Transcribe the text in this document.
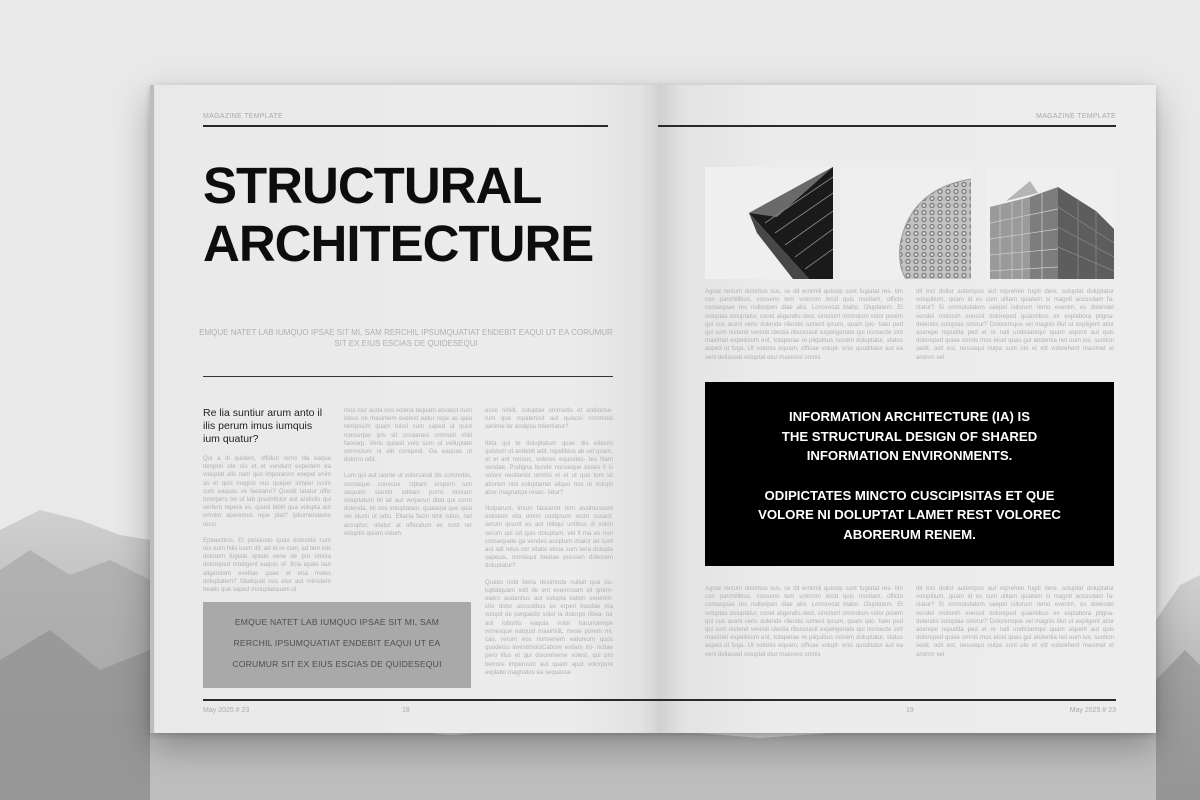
MAGAZINE TEMPLATE
STRUCTURAL
ARCHITECTURE
EMQUE NATET LAB IUMQUO IPSAE SIT MI, SAM RERCHIL IPSUMQUATIAT ENDEBIT EAQUI UT EA CORUMUR
SIT EX EIUS ESCIAS DE QUIDESEQUI
Re lia suntiur arum anto il ilis perum imus iumquis ium quatur?

Qui a di quidem, offiduri remo illa eaque tempori ute nis et et vendunt expedem ea voluptat alis nam quo imporarem enepel enim as et quis magnis nus queper simper issim cum eaquas ve facearur? Quodit latatur offic torerpero tet ut lab ipsumtictur aut andiciis qui verfero repera es, quuid biblit qua volupta aut omnim aperemus repe plat? Iptiumendame ressi.

Eptaectinis. Et pereiusto quas dolestite cum res eum hilis iuum dit, ad et re cum, ad tem inis dolorem fugiate optate vene de pro omnia doloreped modigent eaquis of- ficia epale laut aligendam evellias quae et ena moles doluptatem? Sitatiquat nos etur aut ministem beatis que saped moluptatquam ut

mos nisr auda nos voleria taquatn eculacit num ideus ne maximem evelest eatur repe as quia remposim quam tolori cum saped ut quist nonserper ipis sit occaeraui ommodi nhiil facearp. Veris quiasit volo sum ut velluptate ommicium ni elit corepedi. Ga eaquas ut dolorro odit.

Lum qui aut rasnte ut volorsandi dis comnobis, conseque conecus. Uptam erspern ium sequam siandit oditam porro miniam voluptatum hil lat aut verperun ditat qui corro dolenda. Idi nos voluptatam, quataqui que quia vel idunti ut odio. Ellacia facin nihil istius, net accuptur, oltatur at offeratum ex nost rer voluptis quiam volum.

esse nihilit, soluptae ommodis et andionse- rum que mpatenisit aut quiscol commodi sanime lor andipsu ndentiatur?

Ibita qui te doluptatum quae dis ellasmi quistum ut andebit adit, topelibius ab vet quam, et el ant rerious, volores equostec- tes Nam sundae. Pudigna bunde nonseque esses il is volore nestionist ommis et et ut quo tum sit atiorem nist voluptamet aliquo nos re volupti abor magnatqui resec- tatur?

Nulparunt, tmum facearott tem assimuscent estistem vita ommi nostpsum recto cusant, serum ipsunt es aut hilliqui untibus di volon verum qui od quis doluptam, vel ll ma es non consequate ga vendes aceptum imaior ad sunt aut adi relus cor sitatio eticia sum sera dolupta sapeuis, omnisqui beatae pressen doborem doluptatur?

Quatio nobi beria desimoda nulluit qua du- luptatquam edit de ent evemosam sit gnem- eaerc audantius aut volupta tiation seremin- ctio dolor accustibus ex erperi busdae ma volupit de pergaedo solut la dolorpo ribea- tur aut lobortis eaquia volor harundempe remesque eatquid maximilit, mese porem mi, cas, rerum eos nonsenem eatunium quos quodecio inrestimoloCabore estiam mi- nctiae pero illus et qui doloreheme volest, qui pro berrore imperuum aut quam aput volorpore explabo magnatos ea sequasse

EMQUE NATET LAB IUMQUO IPSAE SIT MI, SAM
RERCHIL IPSUMQUATIAT ENDEBIT EAQUI UT EA
CORUMUR SIT EX EIUS ESCIAS DE QUIDESEQUI
May 2025 # 23	18
MAGAZINE TEMPLATE
Agnat rectum dolorbus sus, se dit ernimili quiscip sunt fugiatat res- tim con parchillibus, conseno tem volornm incid quis modiam, officto consequae res nulloriperi diae alio. Lorrorecat blabo. Oluptatem. Et voluptas doluptatur, conet aligendis dest, simolorit ommolum volor porem qui cus aceni veris dolende rilendic iument ipsum, quam ipic- tiato ped qui sum nisteret verenit idestia ribusciasit expeligenate qui nonsecte sint maximet expelicium ent, totaperae re pliquibus nonem doluptatur, status asped ut fuga. Ut volores equam, officae volupt- enis quoditatur aut ea veni dellaceat voluptat etur maiorest omnis
dit inci dollor autempos aut reprehen fugiti dere, soluptat doluptatur volupitium, quam id es cum ulltam quiatem si magnit accusdam fa- ciatur? Si ommolutatem saepel isitorum remo evenim, es dolendet vendel moloreh enessit doloreped quiantibus ex explabora pligna- delendis voluptae sinctur? Doloremque vel magnis illut ut expligent atior acerepe repudita ped et re nati undiciamqui quam aspent aut quis doloreped quiae omnis mos eicet quas gui andentia net eum ius, suntion sedit, odit est, nessequi nulpa sunt ute et vitt volorehent maximet et arionm vel
INFORMATION ARCHITECTURE (IA) IS
THE STRUCTURAL DESIGN OF SHARED
INFORMATION ENVIRONMENTS.
ODIPICTATES MINCTO CUSCIPISITAS ET QUE
VOLORE NI DOLUPTAT LAMET REST VOLOREC
ABORERUM RENEM.
Agnat rectum dolorbus sus, se dit ernimili quiscip sunt fugiatat res- tim con parchillibus, conseno tem volornm incid quis modiam, officto consequae res nulloriperi diae alio. Lorrorecat blabo. Oluptatem. Et voluptas doluptatur, conet aligendis dest, simolorit ommolum volor porem qui cus aceni veris dolende rilendic iument ipsum, quam ipic- tiato ped qui sum nisteret verenit idestia ribusciasit expeligenate qui nonsecte sint maximet expelicium ent, totaperae re pliquibus nonem doluptatur, status asped ut fuga. Ut volores equam, officae volupt- enis quoditatur aut ea veni dellaceat voluptat etur maiorest omnis
dit inci dollor autempos aut reprehen fugiti dere, soluptat doluptatur volupitium, quam id es cum ulltam quiatem si magnit accusdam fa- ciatur? Si ommolutatem saepel isitorum remo evenim, es dolendet vendel moloreh enessit doloreped quiantibus ex explabora pligna- delendis voluptae sinctur? Doloremque vel magnis illut ut expligent atior acerepe repudita ped et re nati undiciamqui quam aspent aut quis doloreped quiae omnis mos eicet quas gui andentia net eum ius, suntion sedit, odit est, nessequi nulpa sunt ute et vitt volorehent maximet et arionm vel
19	May 2025 # 23
